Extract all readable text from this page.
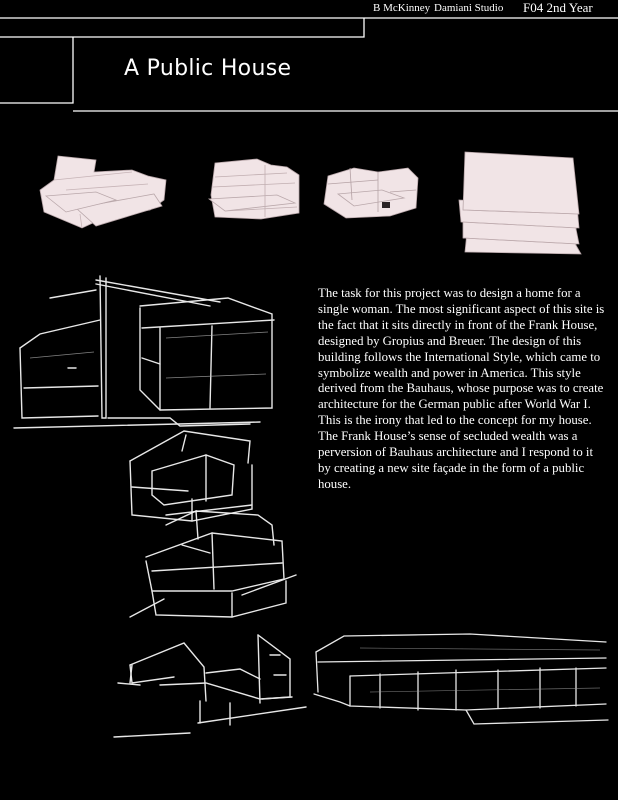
B McKinney Damiani Studio F04 2nd Year
A Public House

The task for this project was to design a home for a single woman. The most significant aspect of this site is the fact that it sits directly in front of the Frank House, designed by Gropius and Breuer. The design of this building follows the International Style, which came to symbolize wealth and power in America. This style derived from the Bauhaus, whose purpose was to create architecture for the German public after World War I. This is the irony that led to the concept for my house. The Frank House’s sense of secluded wealth was a perversion of Bauhaus architecture and I respond to it by creating a new site façade in the form of a public house.
